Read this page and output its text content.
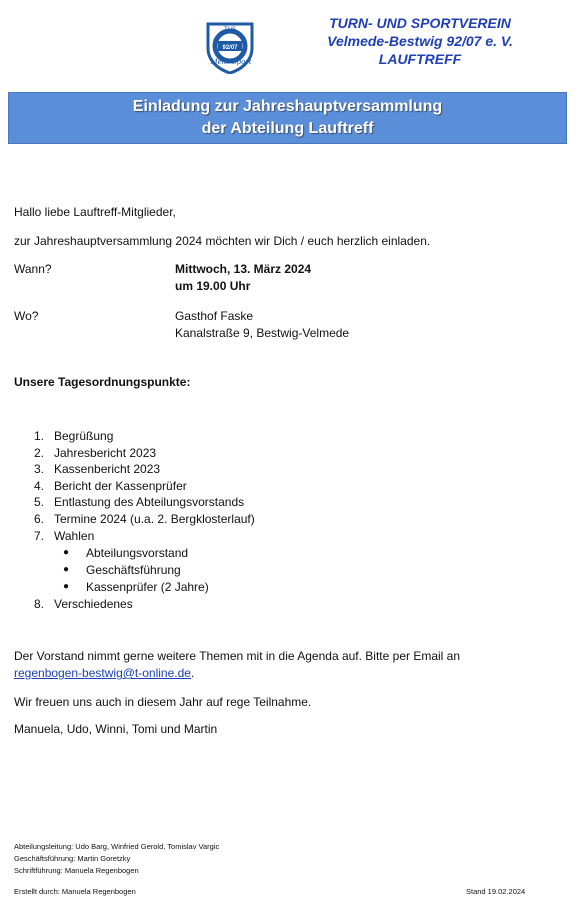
TUS
92/07
Mehr Sport
TURN- UND SPORTVEREIN
Velmede-Bestwig 92/07 e. V.
LAUFTREFF
Einladung zur Jahreshauptversammlung
der Abteilung Lauftreff
Hallo liebe Lauftreff-Mitglieder,
zur Jahreshauptversammlung 2024 möchten wir Dich / euch herzlich einladen.
Wann?	Mittwoch, 13. März 2024
um 19.00 Uhr
Wo?	Gasthof Faske
Kanalstraße 9, Bestwig-Velmede
Unsere Tagesordnungspunkte:
1. Begrüßung
2. Jahresbericht 2023
3. Kassenbericht 2023
4. Bericht der Kassenprüfer
5. Entlastung des Abteilungsvorstands
6. Termine 2024 (u.a. 2. Bergklosterlauf)
7. Wahlen
● Abteilungsvorstand
● Geschäftsführung
● Kassenprüfer (2 Jahre)
8. Verschiedenes
Der Vorstand nimmt gerne weitere Themen mit in die Agenda auf. Bitte per Email an
regenbogen-bestwig@t-online.de.
Wir freuen uns auch in diesem Jahr auf rege Teilnahme.
Manuela, Udo, Winni, Tomi und Martin
Abteilungsleitung: Udo Barg, Winfried Gerold, Tomislav Vargic
Geschäftsführung: Martin Goretzky
Schriftführung: Manuela Regenbogen
Erstellt durch: Manuela Regenbogen	Stand 19.02.2024
